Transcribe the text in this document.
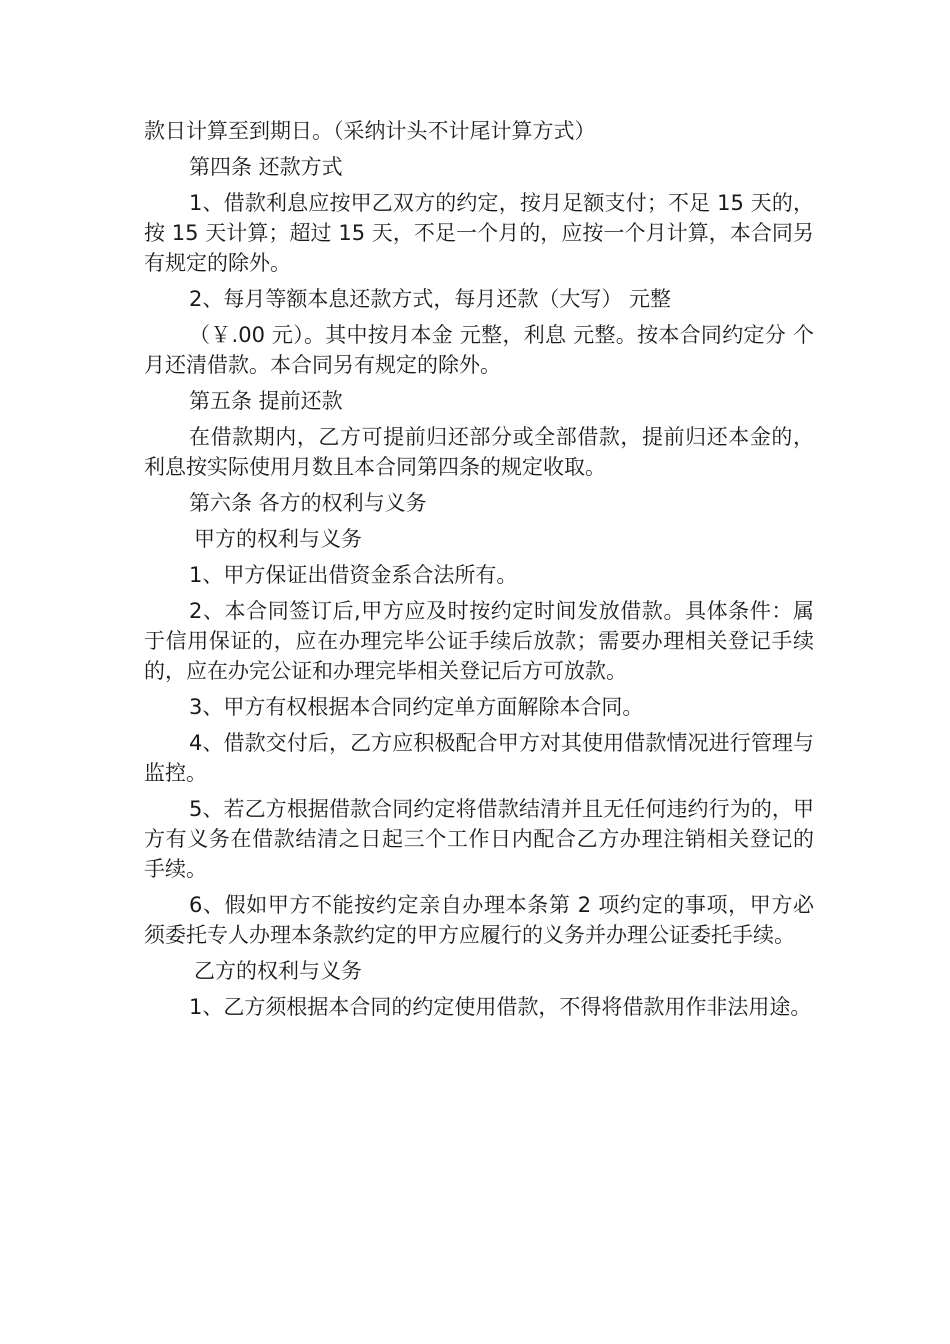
款日计算至到期日。（采纳计头不计尾计算方式）

第四条 还款方式

1、借款利息应按甲乙双方的约定，按月足额支付；不足 15 天的，按 15 天计算；超过 15 天，不足一个月的，应按一个月计算，本合同另有规定的除外。

2、每月等额本息还款方式，每月还款（大写） 元整

（￥.00 元）。其中按月本金 元整，利息 元整。按本合同约定分 个月还清借款。本合同另有规定的除外。

第五条 提前还款

在借款期内，乙方可提前归还部分或全部借款，提前归还本金的，利息按实际使用月数且本合同第四条的规定收取。

第六条 各方的权利与义务

甲方的权利与义务

1、甲方保证出借资金系合法所有。

2、本合同签订后,甲方应及时按约定时间发放借款。具体条件：属于信用保证的，应在办理完毕公证手续后放款；需要办理相关登记手续的，应在办完公证和办理完毕相关登记后方可放款。

3、甲方有权根据本合同约定单方面解除本合同。

4、借款交付后，乙方应积极配合甲方对其使用借款情况进行管理与监控。

5、若乙方根据借款合同约定将借款结清并且无任何违约行为的，甲方有义务在借款结清之日起三个工作日内配合乙方办理注销相关登记的手续。

6、假如甲方不能按约定亲自办理本条第 2 项约定的事项，甲方必须委托专人办理本条款约定的甲方应履行的义务并办理公证委托手续。

乙方的权利与义务

1、乙方须根据本合同的约定使用借款，不得将借款用作非法用途。
